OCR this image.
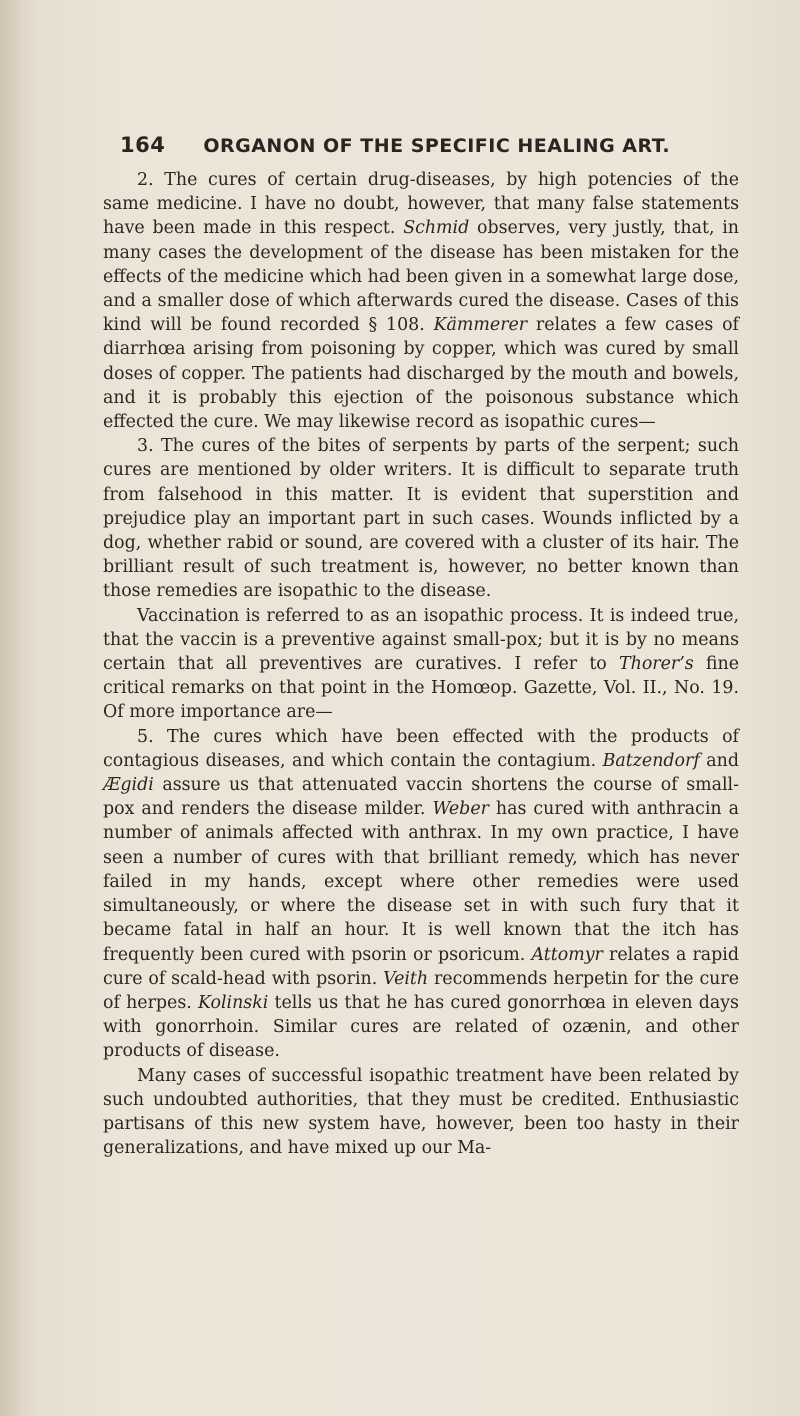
164 ORGANON OF THE SPECIFIC HEALING ART.

2. The cures of certain drug-diseases, by high potencies of the same medicine. I have no doubt, however, that many false statements have been made in this respect. Schmid observes, very justly, that, in many cases the development of the disease has been mistaken for the effects of the medicine which had been given in a somewhat large dose, and a smaller dose of which afterwards cured the disease. Cases of this kind will be found recorded § 108. Kämmerer relates a few cases of diarrhœa arising from poisoning by copper, which was cured by small doses of copper. The patients had discharged by the mouth and bowels, and it is probably this ejection of the poisonous substance which effected the cure. We may likewise record as isopathic cures—

3. The cures of the bites of serpents by parts of the serpent; such cures are mentioned by older writers. It is difficult to separate truth from falsehood in this matter. It is evident that superstition and prejudice play an important part in such cases. Wounds inflicted by a dog, whether rabid or sound, are covered with a cluster of its hair. The brilliant result of such treatment is, however, no better known than those remedies are isopathic to the disease.

Vaccination is referred to as an isopathic process. It is indeed true, that the vaccin is a preventive against small-pox; but it is by no means certain that all preventives are curatives. I refer to Thorer’s fine critical remarks on that point in the Homœop. Gazette, Vol. II., No. 19. Of more importance are—

5. The cures which have been effected with the products of contagious diseases, and which contain the contagium. Batzendorf and Ægidi assure us that attenuated vaccin shortens the course of small-pox and renders the disease milder. Weber has cured with anthracin a number of animals affected with anthrax. In my own practice, I have seen a number of cures with that brilliant remedy, which has never failed in my hands, except where other remedies were used simultaneously, or where the disease set in with such fury that it became fatal in half an hour. It is well known that the itch has frequently been cured with psorin or psoricum. Attomyr relates a rapid cure of scald-head with psorin. Veith recommends herpetin for the cure of herpes. Kolinski tells us that he has cured gonorrhœa in eleven days with gonorrhoin. Similar cures are related of ozænin, and other products of disease.

Many cases of successful isopathic treatment have been related by such undoubted authorities, that they must be credited. Enthusiastic partisans of this new system have, however, been too hasty in their generalizations, and have mixed up our Ma-
